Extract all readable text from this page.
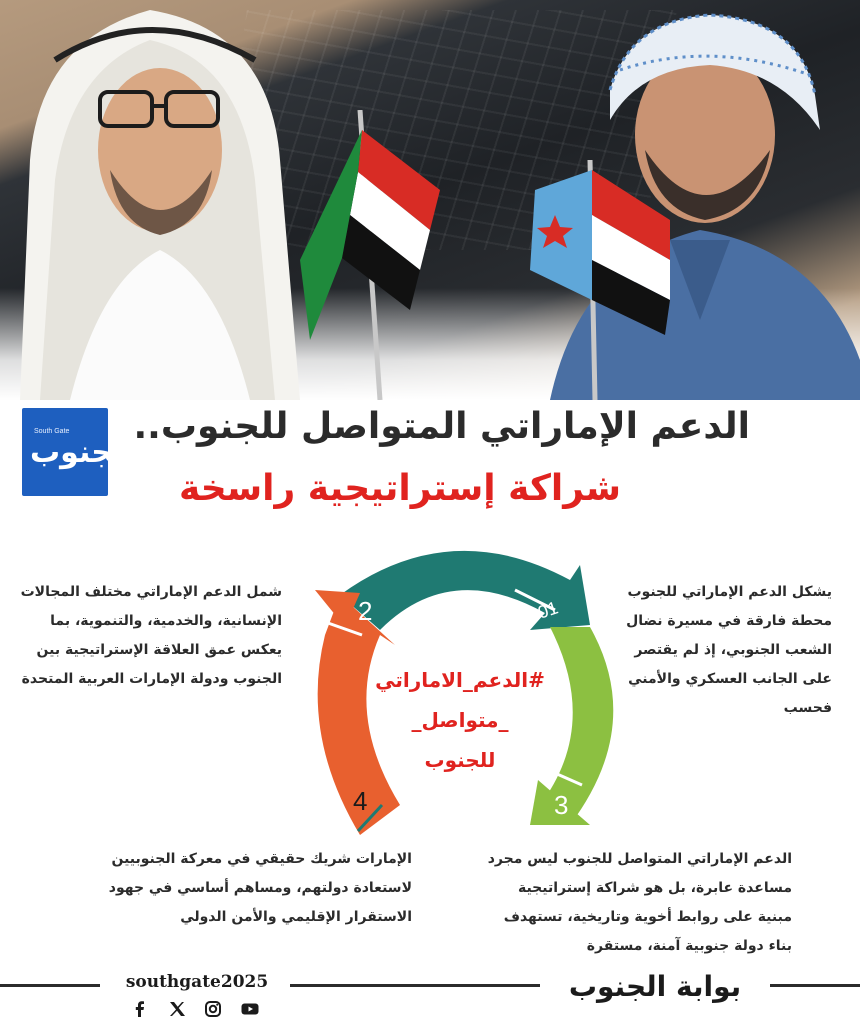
South Gate
الجنوب
الدعم الإماراتي المتواصل للجنوب..
شراكة إستراتيجية راسخة
01
2
3
4
#الدعم_الاماراتي
_متواصل_
للجنوب
يشكل الدعم الإماراتي للجنوب
محطة فارقة في مسيرة نضال
الشعب الجنوبي، إذ لم يقتصر
على الجانب العسكري والأمني
فحسب
شمل الدعم الإماراتي مختلف المجالات
الإنسانية، والخدمية، والتنموية، بما
يعكس عمق العلاقة الإستراتيجية بين
الجنوب ودولة الإمارات العربية المتحدة
الدعم الإماراتي المتواصل للجنوب ليس مجرد
مساعدة عابرة، بل هو شراكة إستراتيجية
مبنية على روابط أخوية وتاريخية، تستهدف
بناء دولة جنوبية آمنة، مستقرة
الإمارات شريك حقيقي في معركة الجنوبيين
لاستعادة دولتهم، ومساهم أساسي في جهود
الاستقرار الإقليمي والأمن الدولي
بوابة الجنوب
southgate2025
